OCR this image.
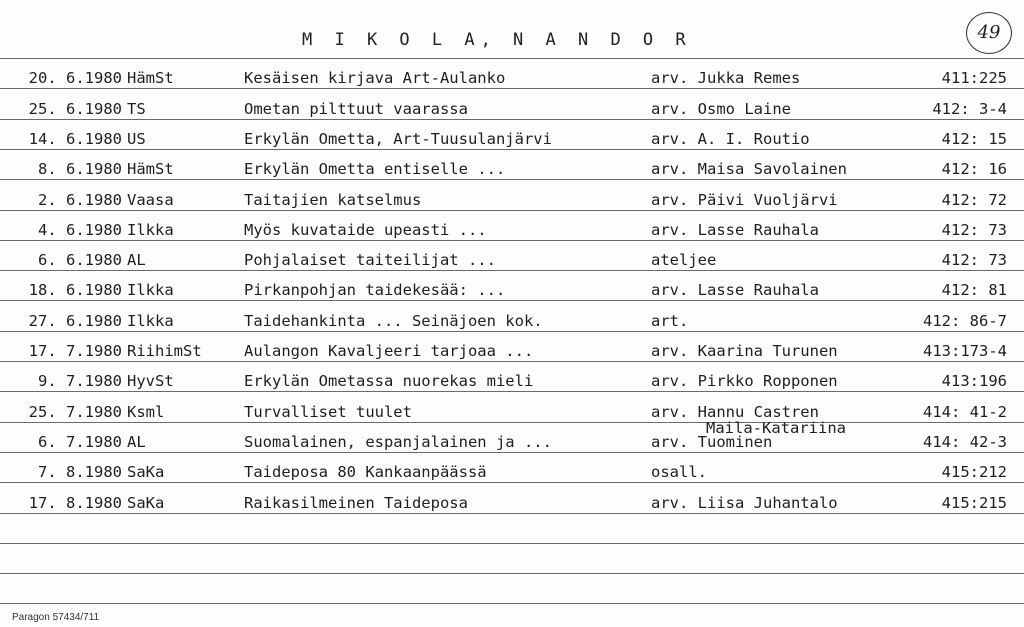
M I K O L A, N A N D O R	49
20. 6.1980 HämSt	Kesäisen kirjava Art-Aulanko	arv. Jukka Remes	411:225
25. 6.1980 TS	Ometan pilttuut vaarassa	arv. Osmo Laine	412: 3-4
14. 6.1980 US	Erkylän Ometta, Art-Tuusulanjärvi	arv. A. I. Routio	412: 15
8. 6.1980 HämSt	Erkylän Ometta entiselle ...	arv. Maisa Savolainen	412: 16
2. 6.1980 Vaasa	Taitajien katselmus	arv. Päivi Vuoljärvi	412: 72
4. 6.1980 Ilkka	Myös kuvataide upeasti ...	arv. Lasse Rauhala	412: 73
6. 6.1980 AL	Pohjalaiset taiteilijat ...	ateljee	412: 73
18. 6.1980 Ilkka	Pirkanpohjan taidekesää: ...	arv. Lasse Rauhala	412: 81
27. 6.1980 Ilkka	Taidehankinta ... Seinäjoen kok.	art.	412: 86-7
17. 7.1980 RiihimSt	Aulangon Kavaljeeri tarjoaa ...	arv. Kaarina Turunen	413:173-4
9. 7.1980 HyvSt	Erkylän Ometassa nuorekas mieli	arv. Pirkko Ropponen	413:196
25. 7.1980 Ksml	Turvalliset tuulet	arv. Hannu Castren	414: 41-2
6. 7.1980 AL	Suomalainen, espanjalainen ja ...	arv. Tuominen	414: 42-3
Maila-Katariina
7. 8.1980 SaKa	Taideposa 80 Kankaanpäässä	osall.	415:212
17. 8.1980 SaKa	Raikasilmeinen Taideposa	arv. Liisa Juhantalo	415:215
Paragon 57434/711
